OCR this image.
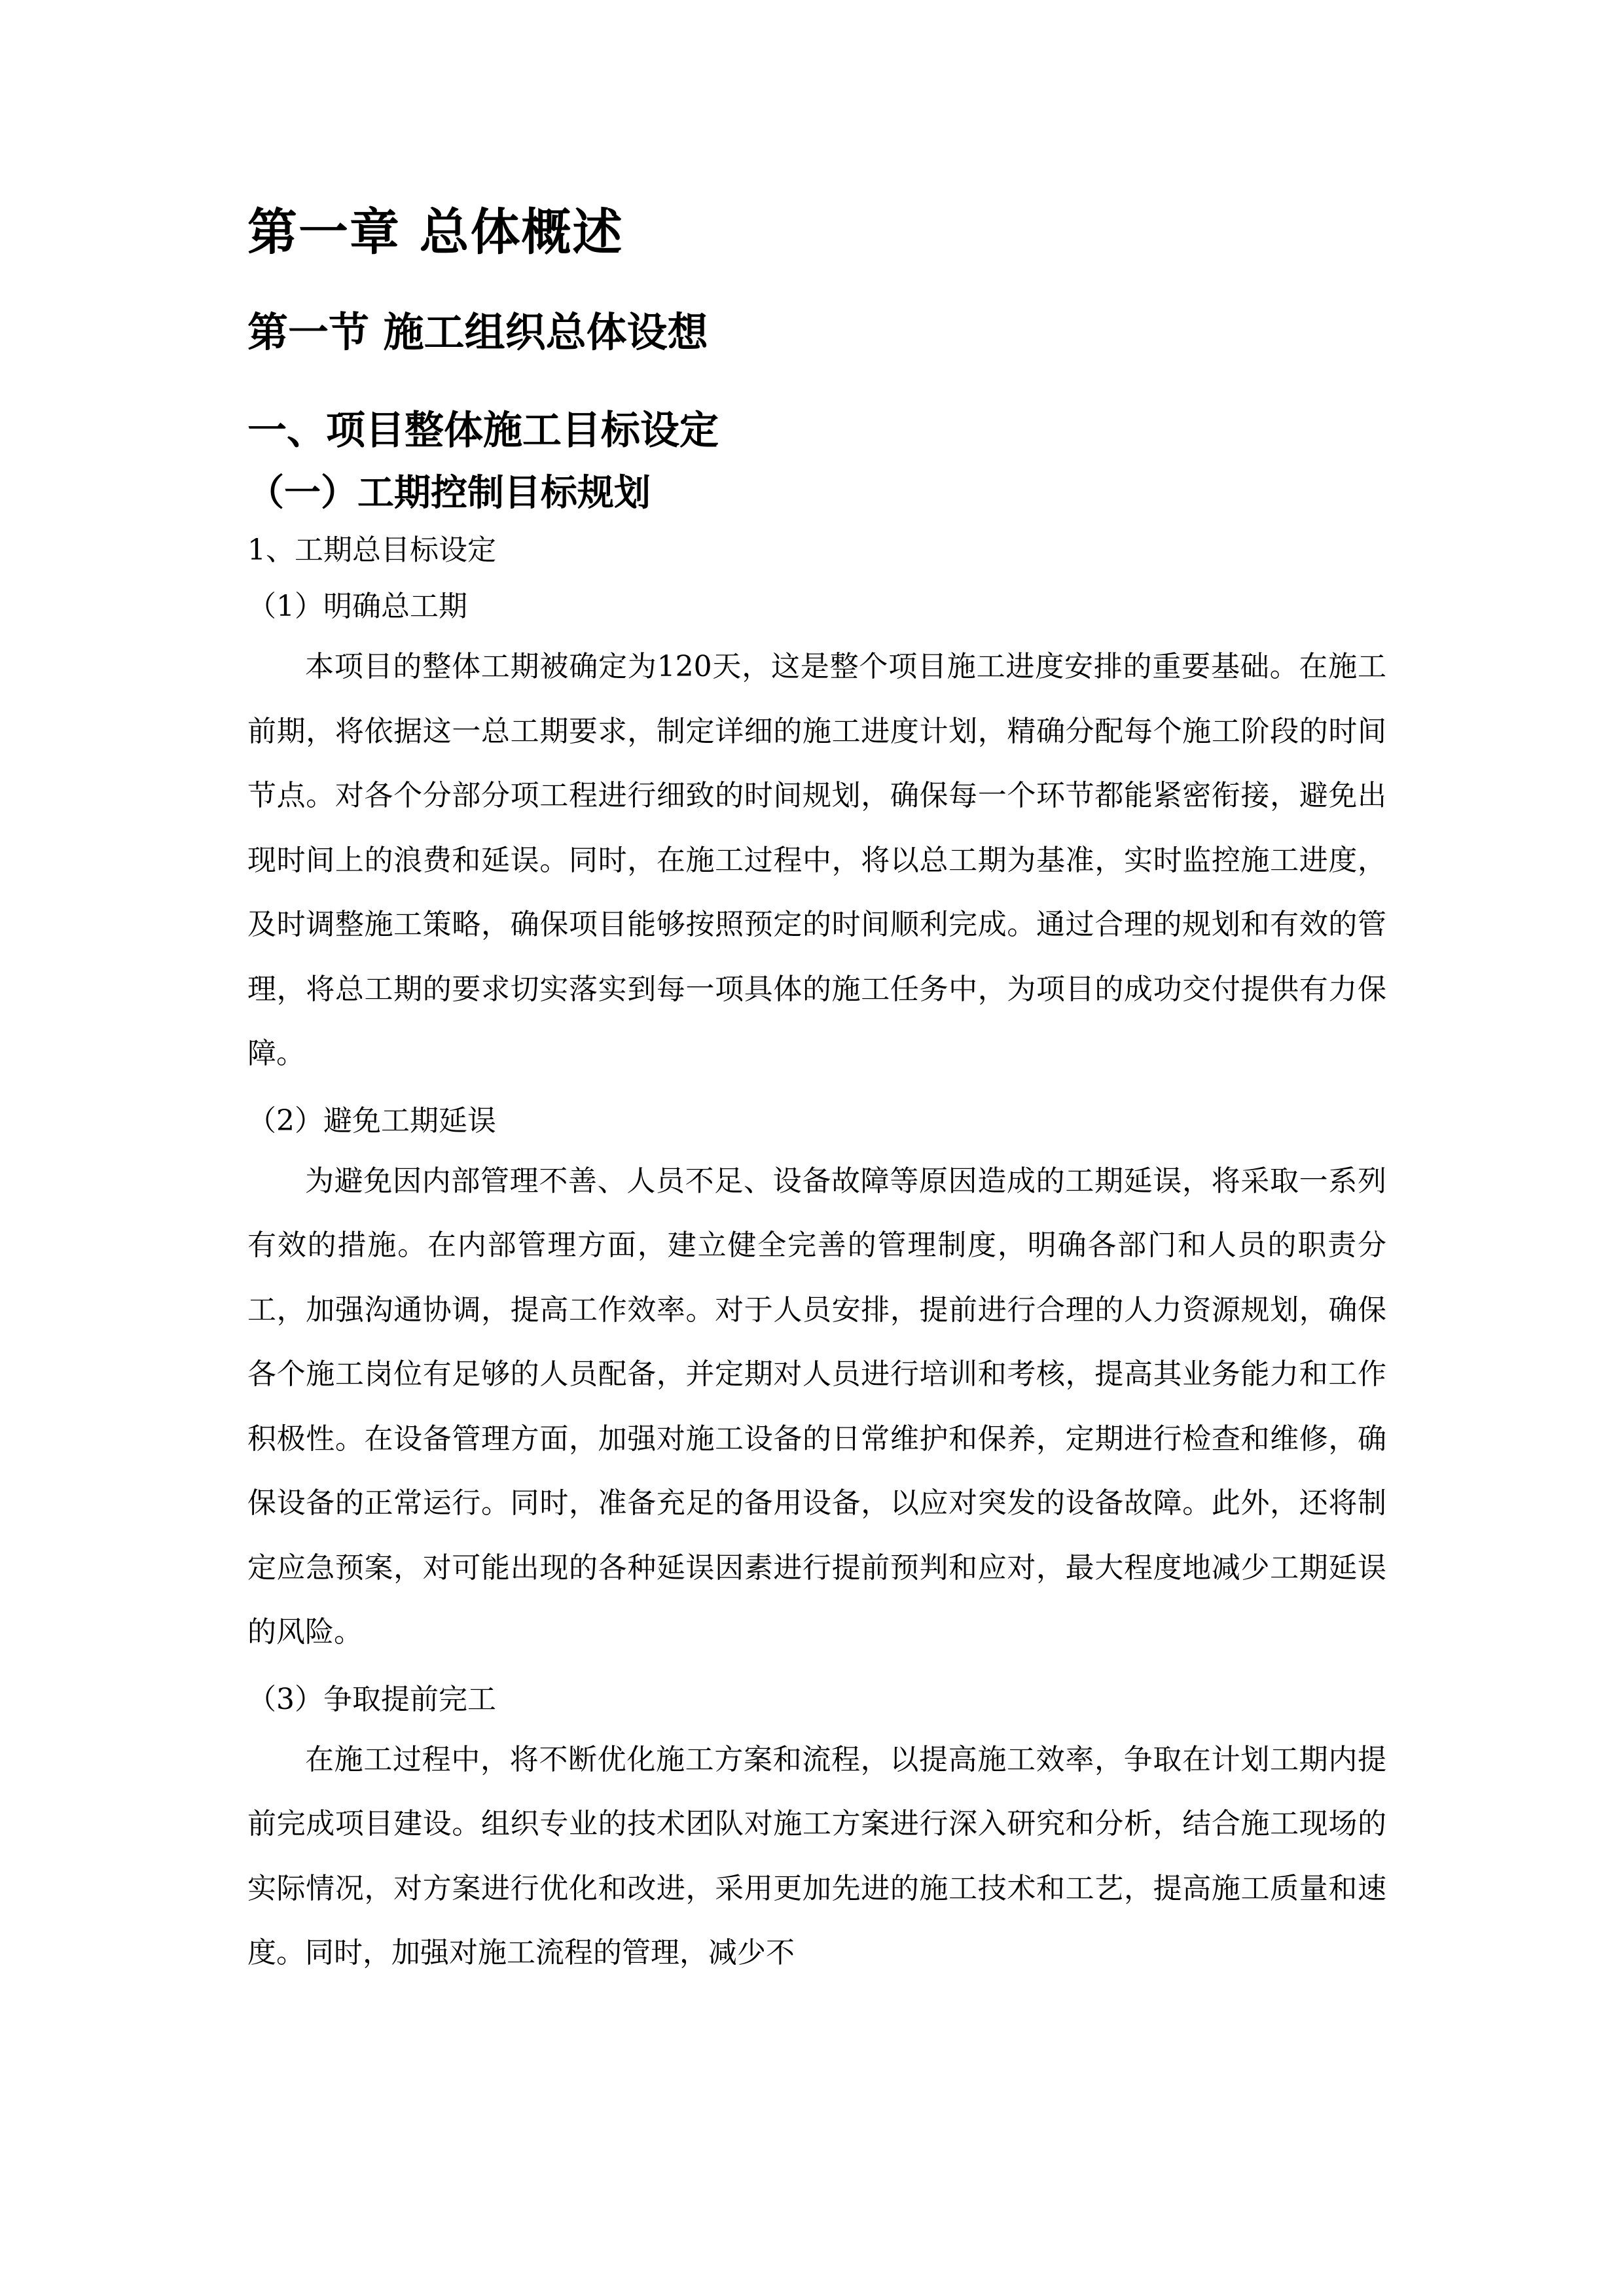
第一章 总体概述
第一节 施工组织总体设想
一、项目整体施工目标设定
（一）工期控制目标规划

1、工期总目标设定

（1）明确总工期

本项目的整体工期被确定为120天，这是整个项目施工进度安排的重要基础。在施工前期，将依据这一总工期要求，制定详细的施工进度计划，精确分配每个施工阶段的时间节点。对各个分部分项工程进行细致的时间规划，确保每一个环节都能紧密衔接，避免出现时间上的浪费和延误。同时，在施工过程中，将以总工期为基准，实时监控施工进度，及时调整施工策略，确保项目能够按照预定的时间顺利完成。通过合理的规划和有效的管理，将总工期的要求切实落实到每一项具体的施工任务中，为项目的成功交付提供有力保障。

（2）避免工期延误

为避免因内部管理不善、人员不足、设备故障等原因造成的工期延误，将采取一系列有效的措施。在内部管理方面，建立健全完善的管理制度，明确各部门和人员的职责分工，加强沟通协调，提高工作效率。对于人员安排，提前进行合理的人力资源规划，确保各个施工岗位有足够的人员配备，并定期对人员进行培训和考核，提高其业务能力和工作积极性。在设备管理方面，加强对施工设备的日常维护和保养，定期进行检查和维修，确保设备的正常运行。同时，准备充足的备用设备，以应对突发的设备故障。此外，还将制定应急预案，对可能出现的各种延误因素进行提前预判和应对，最大程度地减少工期延误的风险。

（3）争取提前完工

在施工过程中，将不断优化施工方案和流程，以提高施工效率，争取在计划工期内提前完成项目建设。组织专业的技术团队对施工方案进行深入研究和分析，结合施工现场的实际情况，对方案进行优化和改进，采用更加先进的施工技术和工艺，提高施工质量和速度。同时，加强对施工流程的管理，减少不
